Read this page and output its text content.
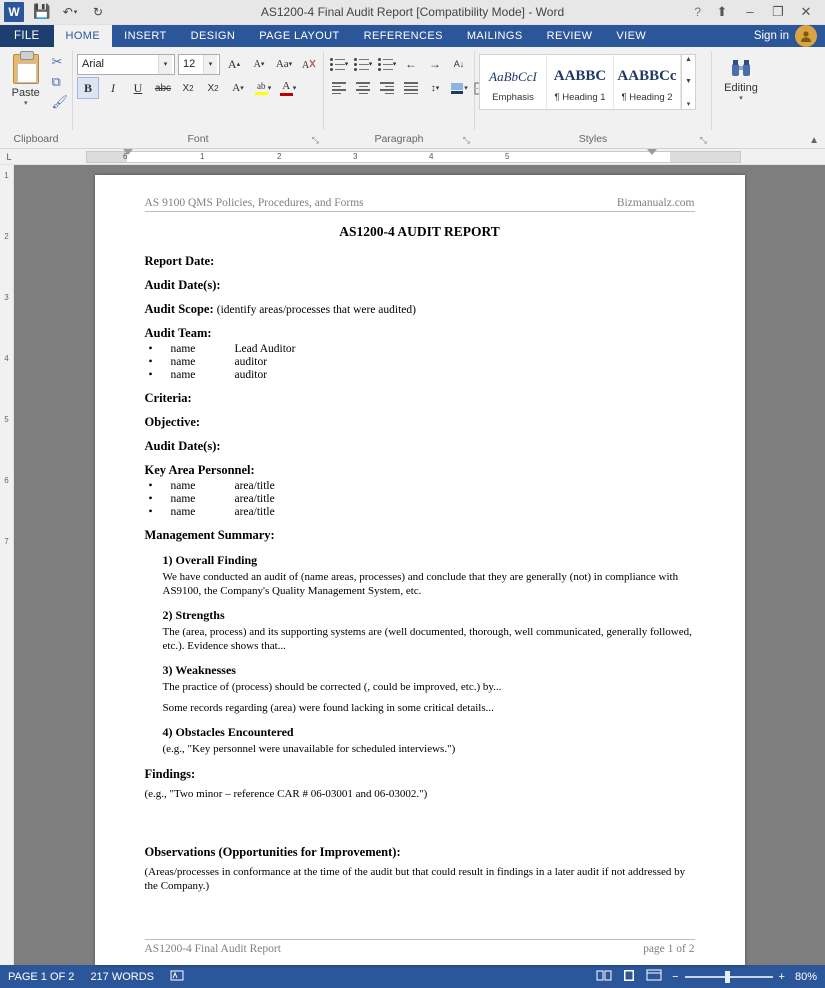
W 💾 ↶ ▾	↻	AS1200-4 Final Audit Report [Compatibility Mode] - Word	?	⬆	–	❐	✕
FILE	HOME	INSERT	DESIGN	PAGE LAYOUT	REFERENCES	MAILINGS	REVIEW	VIEW	Sign in
Paste
▾
✂
⧉
🖌
Clipboard
Arial	▾	12	▾	A ▴ A ▾ Aa ▾ A
B	I	U abc	X 2	X 2 A ▾ ab ▾ A ▾
Font	⤡
▾	▾	▾ ←	→	A↓
↕ ▾	▾
Paragraph	⤡
AaBbCcI
Emphasis
AABBC
¶ Heading 1
AABBCс
¶ Heading 2
▲
▼
▾
Styles	⤡
Editing
▾

▲
L	1	2	3	4	5
6
1
2
3
4
5
6
7
AS 9100 QMS Policies, Procedures, and Forms	Bizmanualz.com
AS1200-4 AUDIT REPORT
Report Date:
Audit Date(s):
Audit Scope: (identify areas/processes that were audited)
Audit Team:
• name	Lead Auditor
• name	auditor
• name	auditor
Criteria:
Objective:
Audit Date(s):
Key Area Personnel:
• name	area/title
• name	area/title
• name	area/title
Management Summary:
1) Overall Finding
We have conducted an audit of (name areas, processes) and conclude that they are generally (not) in compliance with AS9100, the Company's Quality Management System, etc.
2) Strengths
The (area, process) and its supporting systems are (well documented, thorough, well communicated, generally followed, etc.). Evidence shows that...
3) Weaknesses
The practice of (process) should be corrected (, could be improved, etc.) by...
Some records regarding (area) were found lacking in some critical details...
4) Obstacles Encountered
(e.g., "Key personnel were unavailable for scheduled interviews.")
Findings:
(e.g., "Two minor – reference CAR # 06-03001 and 06-03002.")
Observations (Opportunities for Improvement):
(Areas/processes in conformance at the time of the audit but that could result in findings in a later audit if not addressed by the Company.)
AS1200-4 Final Audit Report	page 1 of 2
PAGE 1 OF 2 217 WORDS	−	+ 80%
